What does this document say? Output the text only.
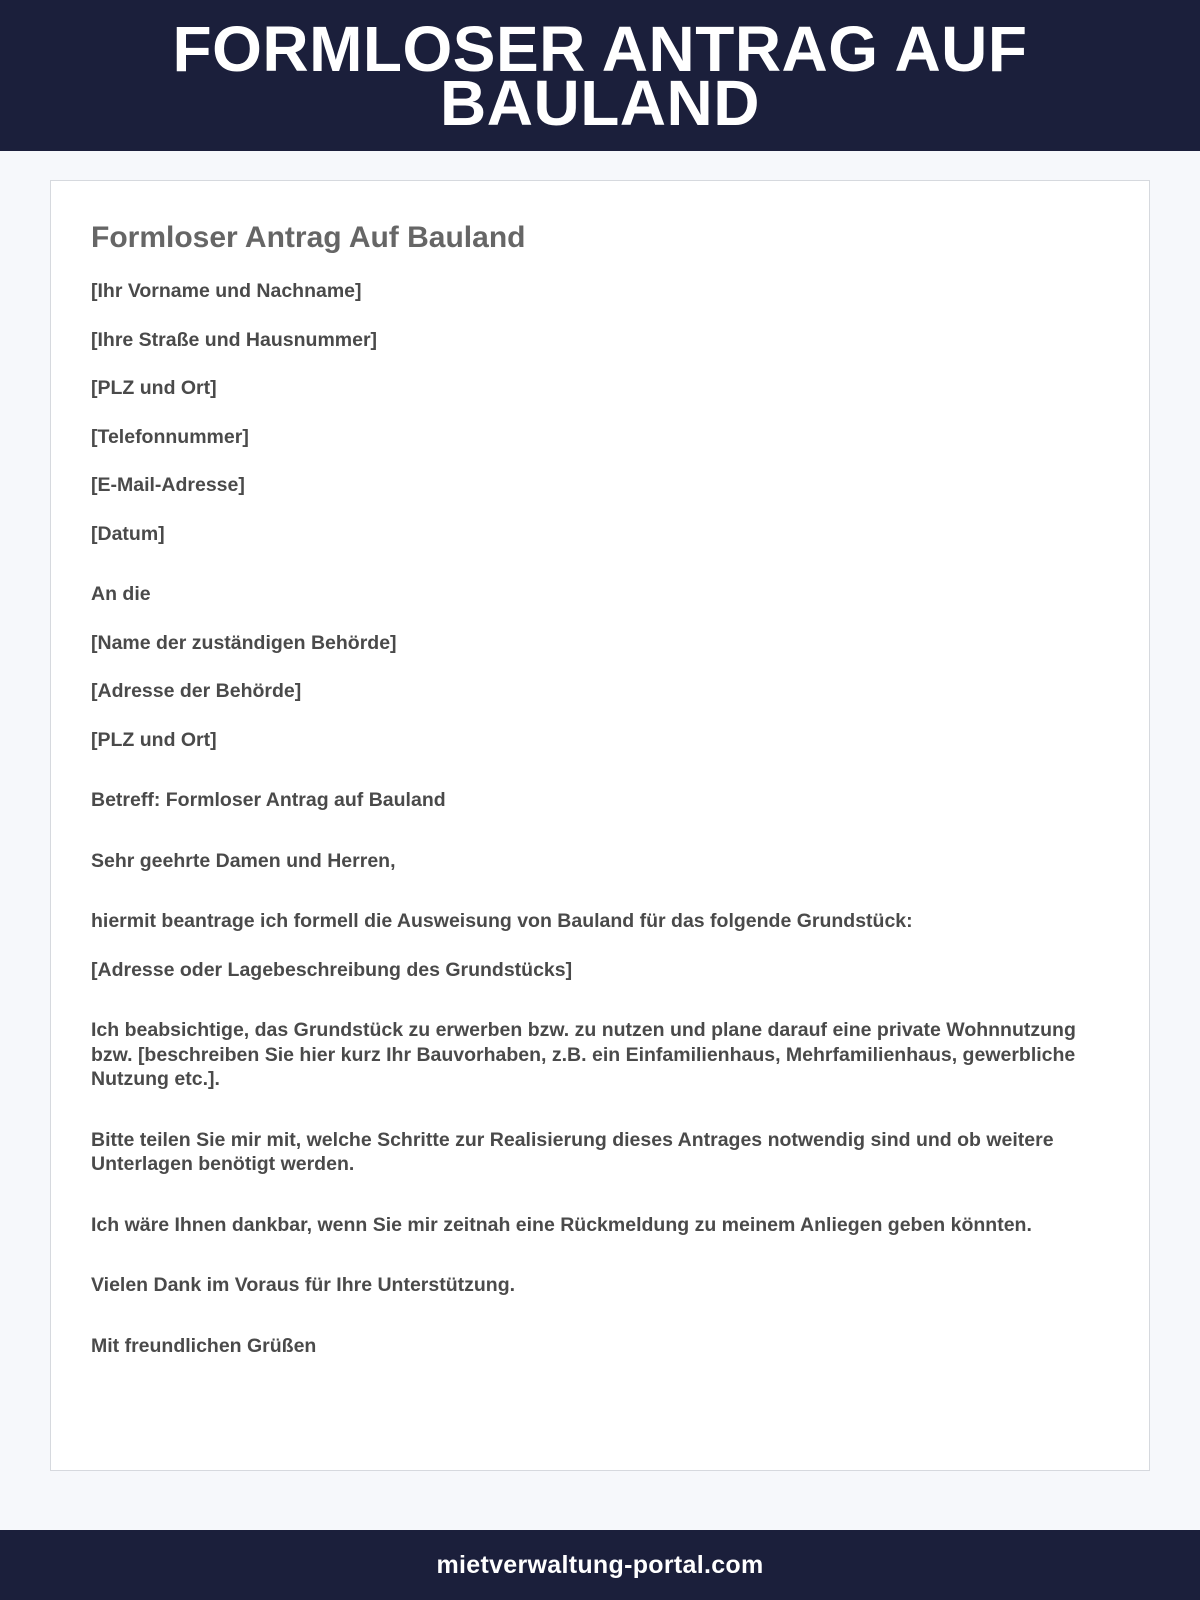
FORMLOSER ANTRAG AUF BAULAND
Formloser Antrag Auf Bauland
[Ihr Vorname und Nachname]
[Ihre Straße und Hausnummer]
[PLZ und Ort]
[Telefonnummer]
[E-Mail-Adresse]
[Datum]
An die
[Name der zuständigen Behörde]
[Adresse der Behörde]
[PLZ und Ort]
Betreff: Formloser Antrag auf Bauland
Sehr geehrte Damen und Herren,
hiermit beantrage ich formell die Ausweisung von Bauland für das folgende Grundstück:
[Adresse oder Lagebeschreibung des Grundstücks]
Ich beabsichtige, das Grundstück zu erwerben bzw. zu nutzen und plane darauf eine private Wohnnutzung bzw. [beschreiben Sie hier kurz Ihr Bauvorhaben, z.B. ein Einfamilienhaus, Mehrfamilienhaus, gewerbliche Nutzung etc.].
Bitte teilen Sie mir mit, welche Schritte zur Realisierung dieses Antrages notwendig sind und ob weitere Unterlagen benötigt werden.
Ich wäre Ihnen dankbar, wenn Sie mir zeitnah eine Rückmeldung zu meinem Anliegen geben könnten.
Vielen Dank im Voraus für Ihre Unterstützung.
Mit freundlichen Grüßen
mietverwaltung-portal.com
